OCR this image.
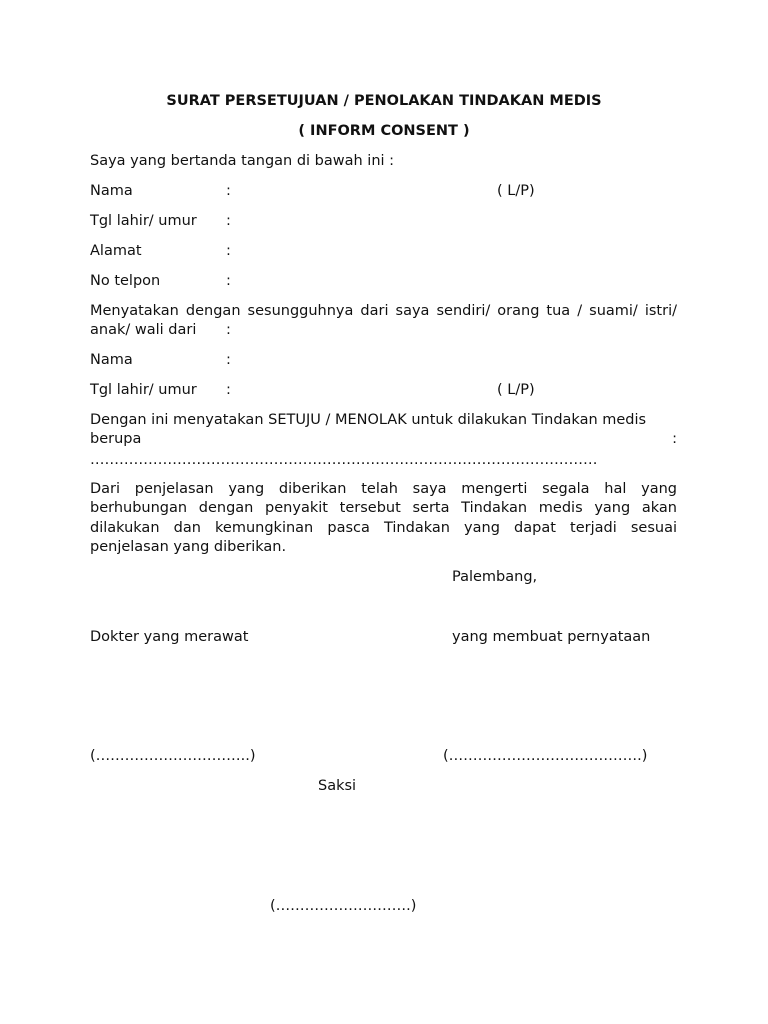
SURAT PERSETUJUAN / PENOLAKAN TINDAKAN MEDIS
( INFORM CONSENT )
Saya yang bertanda tangan di bawah ini :
Nama	:	( L/P)
Tgl lahir/ umur :
Alamat	:
No telpon	:
Menyatakan dengan sesungguhnya dari saya sendiri/ orang tua / suami/ istri/ anak/ wali dari	:
Nama	:
Tgl lahir/ umur :	( L/P)
Dengan ini menyatakan SETUJU / MENOLAK untuk dilakukan Tindakan medis
berupa	:
……………………………………………………………………………………………
Dari penjelasan yang diberikan telah saya mengerti segala hal yang berhubungan dengan penyakit tersebut serta Tindakan medis yang akan dilakukan dan kemungkinan pasca Tindakan yang dapat terjadi sesuai penjelasan yang diberikan.
Palembang,
Dokter yang merawat	yang membuat pernyataan
(…………………………..)	(………………………………….)
Saksi
(……………………….)
